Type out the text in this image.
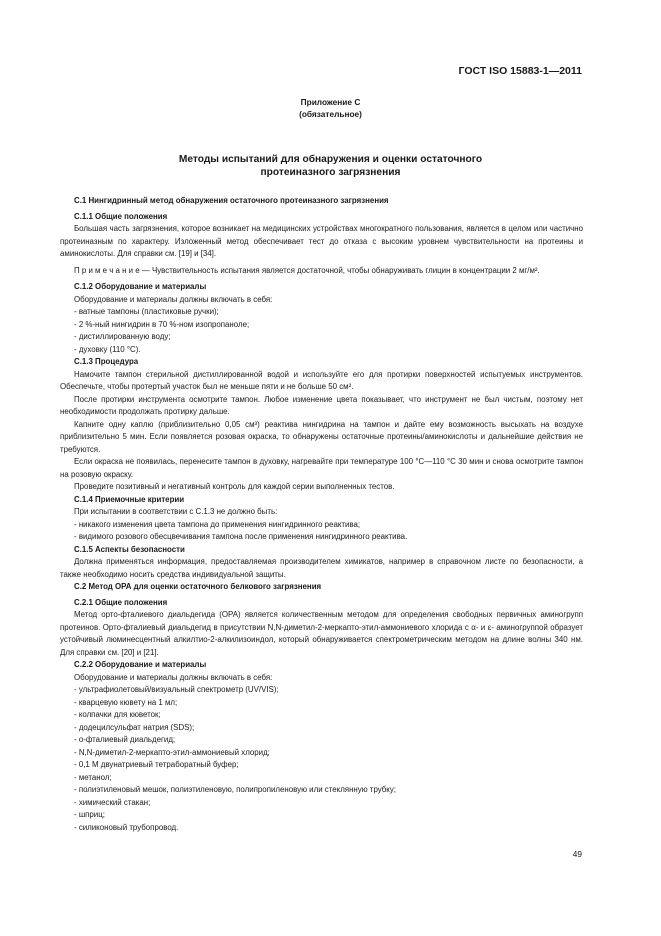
ГОСТ ISO 15883-1—2011
Приложение С
(обязательное)
Методы испытаний для обнаружения и оценки остаточного
протеиназного загрязнения

С.1 Нингидринный метод обнаружения остаточного протеиназного загрязнения

С.1.1 Общие положения

Большая часть загрязнения, которое возникает на медицинских устройствах многократного пользования, является в целом или частично протеиназным по характеру. Изложенный метод обеспечивает тест до отказа с высоким уровнем чувствительности на протеины и аминокислоты. Для справки см. [19] и [34].

П р и м е ч а н и е — Чувствительность испытания является достаточной, чтобы обнаруживать глицин в концентрации 2 мг/м².

С.1.2 Оборудование и материалы

Оборудование и материалы должны включать в себя:

- ватные тампоны (пластиковые ручки);

- 2 %-ный нингидрин в 70 %-ном изопропаноле;

- дистиллированную воду;

- духовку (110 °С).

С.1.3 Процедура

Намочите тампон стерильной дистиллированной водой и используйте его для протирки поверхностей испытуемых инструментов. Обеспечьте, чтобы протертый участок был не меньше пяти и не больше 50 см².

После протирки инструмента осмотрите тампон. Любое изменение цвета показывает, что инструмент не был чистым, поэтому нет необходимости продолжать протирку дальше.

Капните одну каплю (приблизительно 0,05 см³) реактива нингидрина на тампон и дайте ему возможность высыхать на воздухе приблизительно 5 мин. Если появляется розовая окраска, то обнаружены остаточные протеины/аминокислоты и дальнейшие действия не требуются.

Если окраска не появилась, перенесите тампон в духовку, нагревайте при температуре 100 °С—110 °С 30 мин и снова осмотрите тампон на розовую окраску.

Проведите позитивный и негативный контроль для каждой серии выполненных тестов.

С.1.4 Приемочные критерии

При испытании в соответствии с С.1.3 не должно быть:

- никакого изменения цвета тампона до применения нингидринного реактива;

- видимого розового обесцвечивания тампона после применения нингидринного реактива.

С.1.5 Аспекты безопасности

Должна применяться информация, предоставляемая производителем химикатов, например в справочном листе по безопасности, а также необходимо носить средства индивидуальной защиты.

С.2 Метод ОРА для оценки остаточного белкового загрязнения

С.2.1 Общие положения

Метод орто-фталиевого диальдегида (ОРА) является количественным методом для определения свободных первичных аминогрупп протеинов. Орто-фталиевый диальдегид в присутствии N,N-диметил-2-меркапто-этил-аммониевого хлорида с α- и ε- аминогруппой образует устойчивый люминесцентный алкилтио-2-алкилизоиндол, который обнаруживается спектрометрическим методом на длине волны 340 нм. Для справки см. [20] и [21].

С.2.2 Оборудование и материалы

Оборудование и материалы должны включать в себя:

- ультрафиолетовый/визуальный спектрометр (UV/VIS);

- кварцевую кювету на 1 мл;

- колпачки для кюветок;

- додецилсульфат натрия (SDS);

- о-фталиевый диальдегид;

- N,N-диметил-2-меркапто-этил-аммониевый хлорид;

- 0,1 М двунатриевый тетраборатный буфер;

- метанол;

- полиэтиленовый мешок, полиэтиленовую, полипропиленовую или стеклянную трубку;

- химический стакан;

- шприц;

- силиконовый трубопровод.

49
